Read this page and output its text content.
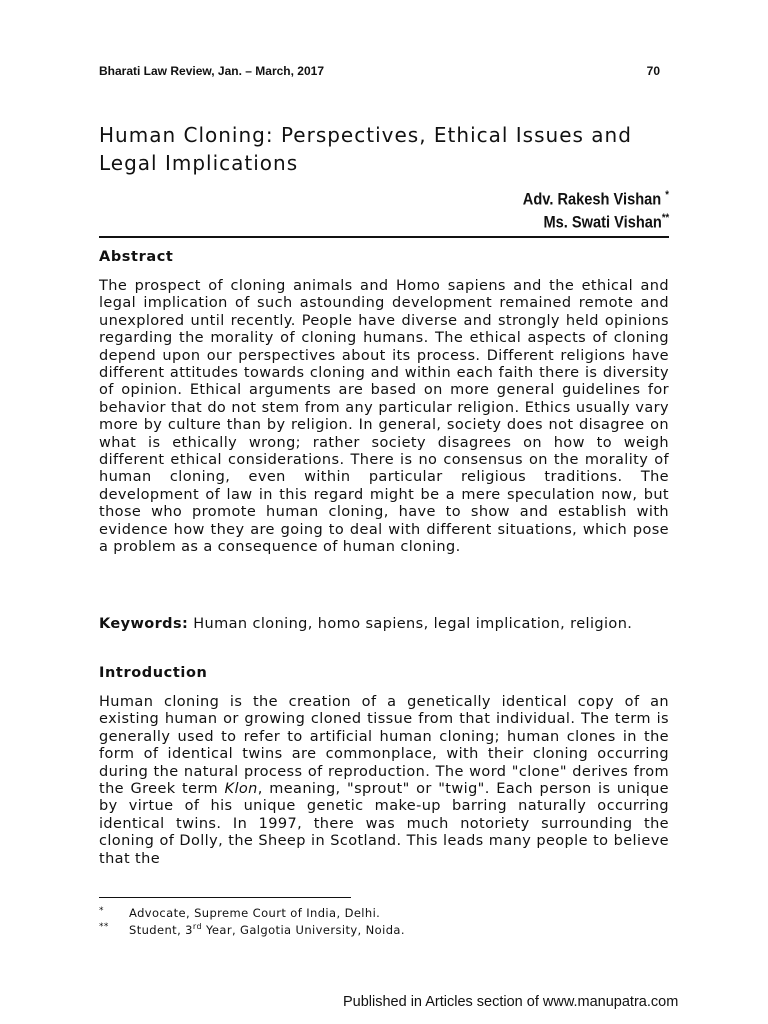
Bharati Law Review, Jan. – March, 2017	70
Human Cloning: Perspectives, Ethical Issues and Legal Implications
Adv. Rakesh Vishan *
Ms. Swati Vishan**
Abstract
The prospect of cloning animals and Homo sapiens and the ethical and legal implication of such astounding development remained remote and unexplored until recently. People have diverse and strongly held opinions regarding the morality of cloning humans. The ethical aspects of cloning depend upon our perspectives about its process. Different religions have different attitudes towards cloning and within each faith there is diversity of opinion. Ethical arguments are based on more general guidelines for behavior that do not stem from any particular religion. Ethics usually vary more by culture than by religion. In general, society does not disagree on what is ethically wrong; rather society disagrees on how to weigh different ethical considerations. There is no consensus on the morality of human cloning, even within particular religious traditions. The development of law in this regard might be a mere speculation now, but those who promote human cloning, have to show and establish with evidence how they are going to deal with different situations, which pose a problem as a consequence of human cloning.
Keywords: Human cloning, homo sapiens, legal implication, religion.
Introduction
Human cloning is the creation of a genetically identical copy of an existing human or growing cloned tissue from that individual. The term is generally used to refer to artificial human cloning; human clones in the form of identical twins are commonplace, with their cloning occurring during the natural process of reproduction. The word "clone" derives from the Greek term Klon, meaning, "sprout" or "twig". Each person is unique by virtue of his unique genetic make-up barring naturally occurring identical twins. In 1997, there was much notoriety surrounding the cloning of Dolly, the Sheep in Scotland. This leads many people to believe that the
* Advocate, Supreme Court of India, Delhi.
** Student, 3rd Year, Galgotia University, Noida.
Published in Articles section of www.manupatra.com
